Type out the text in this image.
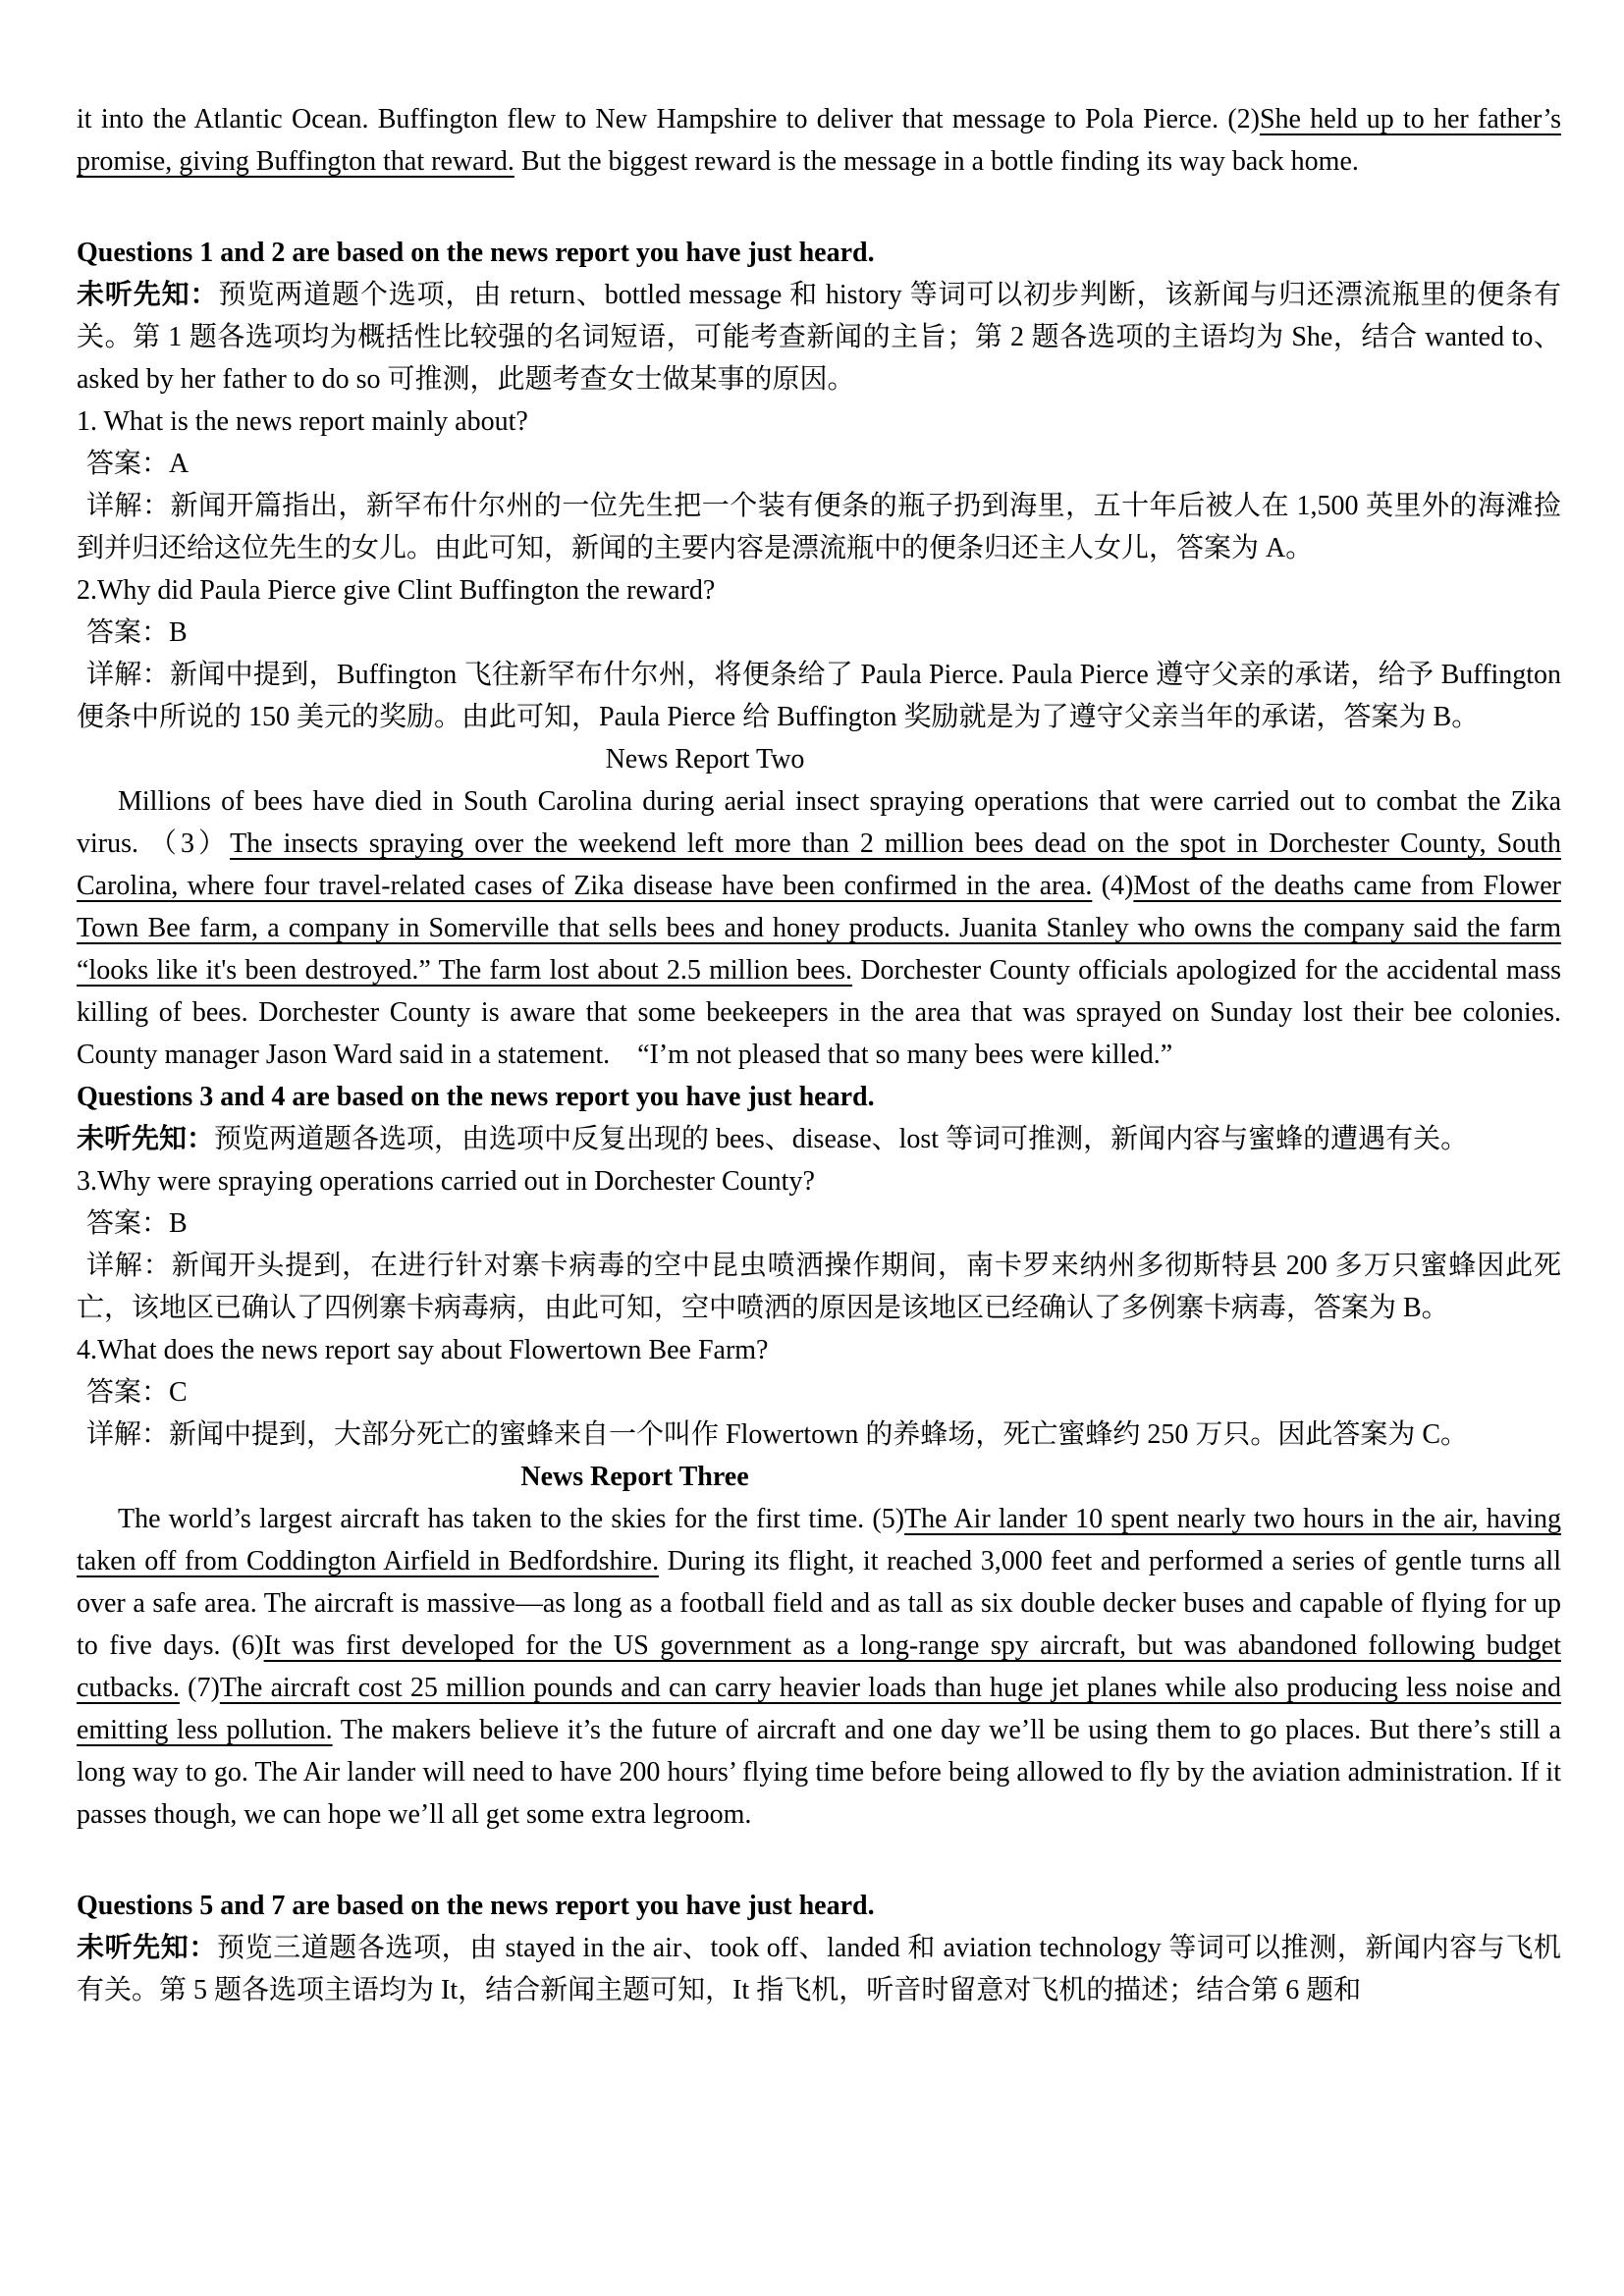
it into the Atlantic Ocean. Buffington flew to New Hampshire to deliver that message to Pola Pierce. (2)She held up to her father’s promise, giving Buffington that reward. But the biggest reward is the message in a bottle finding its way back home.
Questions 1 and 2 are based on the news report you have just heard.
未听先知：预览两道题个选项，由 return、bottled message 和 history 等词可以初步判断，该新闻与归还漂流瓶里的便条有关。第 1 题各选项均为概括性比较强的名词短语，可能考查新闻的主旨；第 2 题各选项的主语均为 She，结合 wanted to、asked by her father to do so 可推测，此题考查女士做某事的原因。
1. What is the news report mainly about?
答案：A
详解：新闻开篇指出，新罕布什尔州的一位先生把一个装有便条的瓶子扔到海里，五十年后被人在 1,500 英里外的海滩捡到并归还给这位先生的女儿。由此可知，新闻的主要内容是漂流瓶中的便条归还主人女儿，答案为 A。
2.Why did Paula Pierce give Clint Buffington the reward?
答案：B
详解：新闻中提到，Buffington 飞往新罕布什尔州，将便条给了 Paula Pierce. Paula Pierce 遵守父亲的承诺，给予 Buffington 便条中所说的 150 美元的奖励。由此可知，Paula Pierce 给 Buffington 奖励就是为了遵守父亲当年的承诺，答案为 B。
News Report Two
Millions of bees have died in South Carolina during aerial insect spraying operations that were carried out to combat the Zika virus. （3）The insects spraying over the weekend left more than 2 million bees dead on the spot in Dorchester County, South Carolina, where four travel-related cases of Zika disease have been confirmed in the area. (4)Most of the deaths came from Flower Town Bee farm, a company in Somerville that sells bees and honey products. Juanita Stanley who owns the company said the farm “looks like it's been destroyed.” The farm lost about 2.5 million bees. Dorchester County officials apologized for the accidental mass killing of bees. Dorchester County is aware that some beekeepers in the area that was sprayed on Sunday lost their bee colonies. County manager Jason Ward said in a statement.　“I’m not pleased that so many bees were killed.”
Questions 3 and 4 are based on the news report you have just heard.
未听先知：预览两道题各选项，由选项中反复出现的 bees、disease、lost 等词可推测，新闻内容与蜜蜂的遭遇有关。
3.Why were spraying operations carried out in Dorchester County?
答案：B
详解：新闻开头提到，在进行针对寨卡病毒的空中昆虫喷洒操作期间，南卡罗来纳州多彻斯特县 200 多万只蜜蜂因此死亡，该地区已确认了四例寨卡病毒病，由此可知，空中喷洒的原因是该地区已经确认了多例寨卡病毒，答案为 B。
4.What does the news report say about Flowertown Bee Farm?
答案：C
详解：新闻中提到，大部分死亡的蜜蜂来自一个叫作 Flowertown 的养蜂场，死亡蜜蜂约 250 万只。因此答案为 C。
News Report Three
The world’s largest aircraft has taken to the skies for the first time. (5)The Air lander 10 spent nearly two hours in the air, having taken off from Coddington Airfield in Bedfordshire. During its flight, it reached 3,000 feet and performed a series of gentle turns all over a safe area. The aircraft is massive—as long as a football field and as tall as six double decker buses and capable of flying for up to five days. (6)It was first developed for the US government as a long-range spy aircraft, but was abandoned following budget cutbacks. (7)The aircraft cost 25 million pounds and can carry heavier loads than huge jet planes while also producing less noise and emitting less pollution. The makers believe it’s the future of aircraft and one day we’ll be using them to go places. But there’s still a long way to go. The Air lander will need to have 200 hours’ flying time before being allowed to fly by the aviation administration. If it passes though, we can hope we’ll all get some extra legroom.
Questions 5 and 7 are based on the news report you have just heard.
未听先知：预览三道题各选项，由 stayed in the air、took off、landed 和 aviation technology 等词可以推测，新闻内容与飞机有关。第 5 题各选项主语均为 It，结合新闻主题可知，It 指飞机，听音时留意对飞机的描述；结合第 6 题和
